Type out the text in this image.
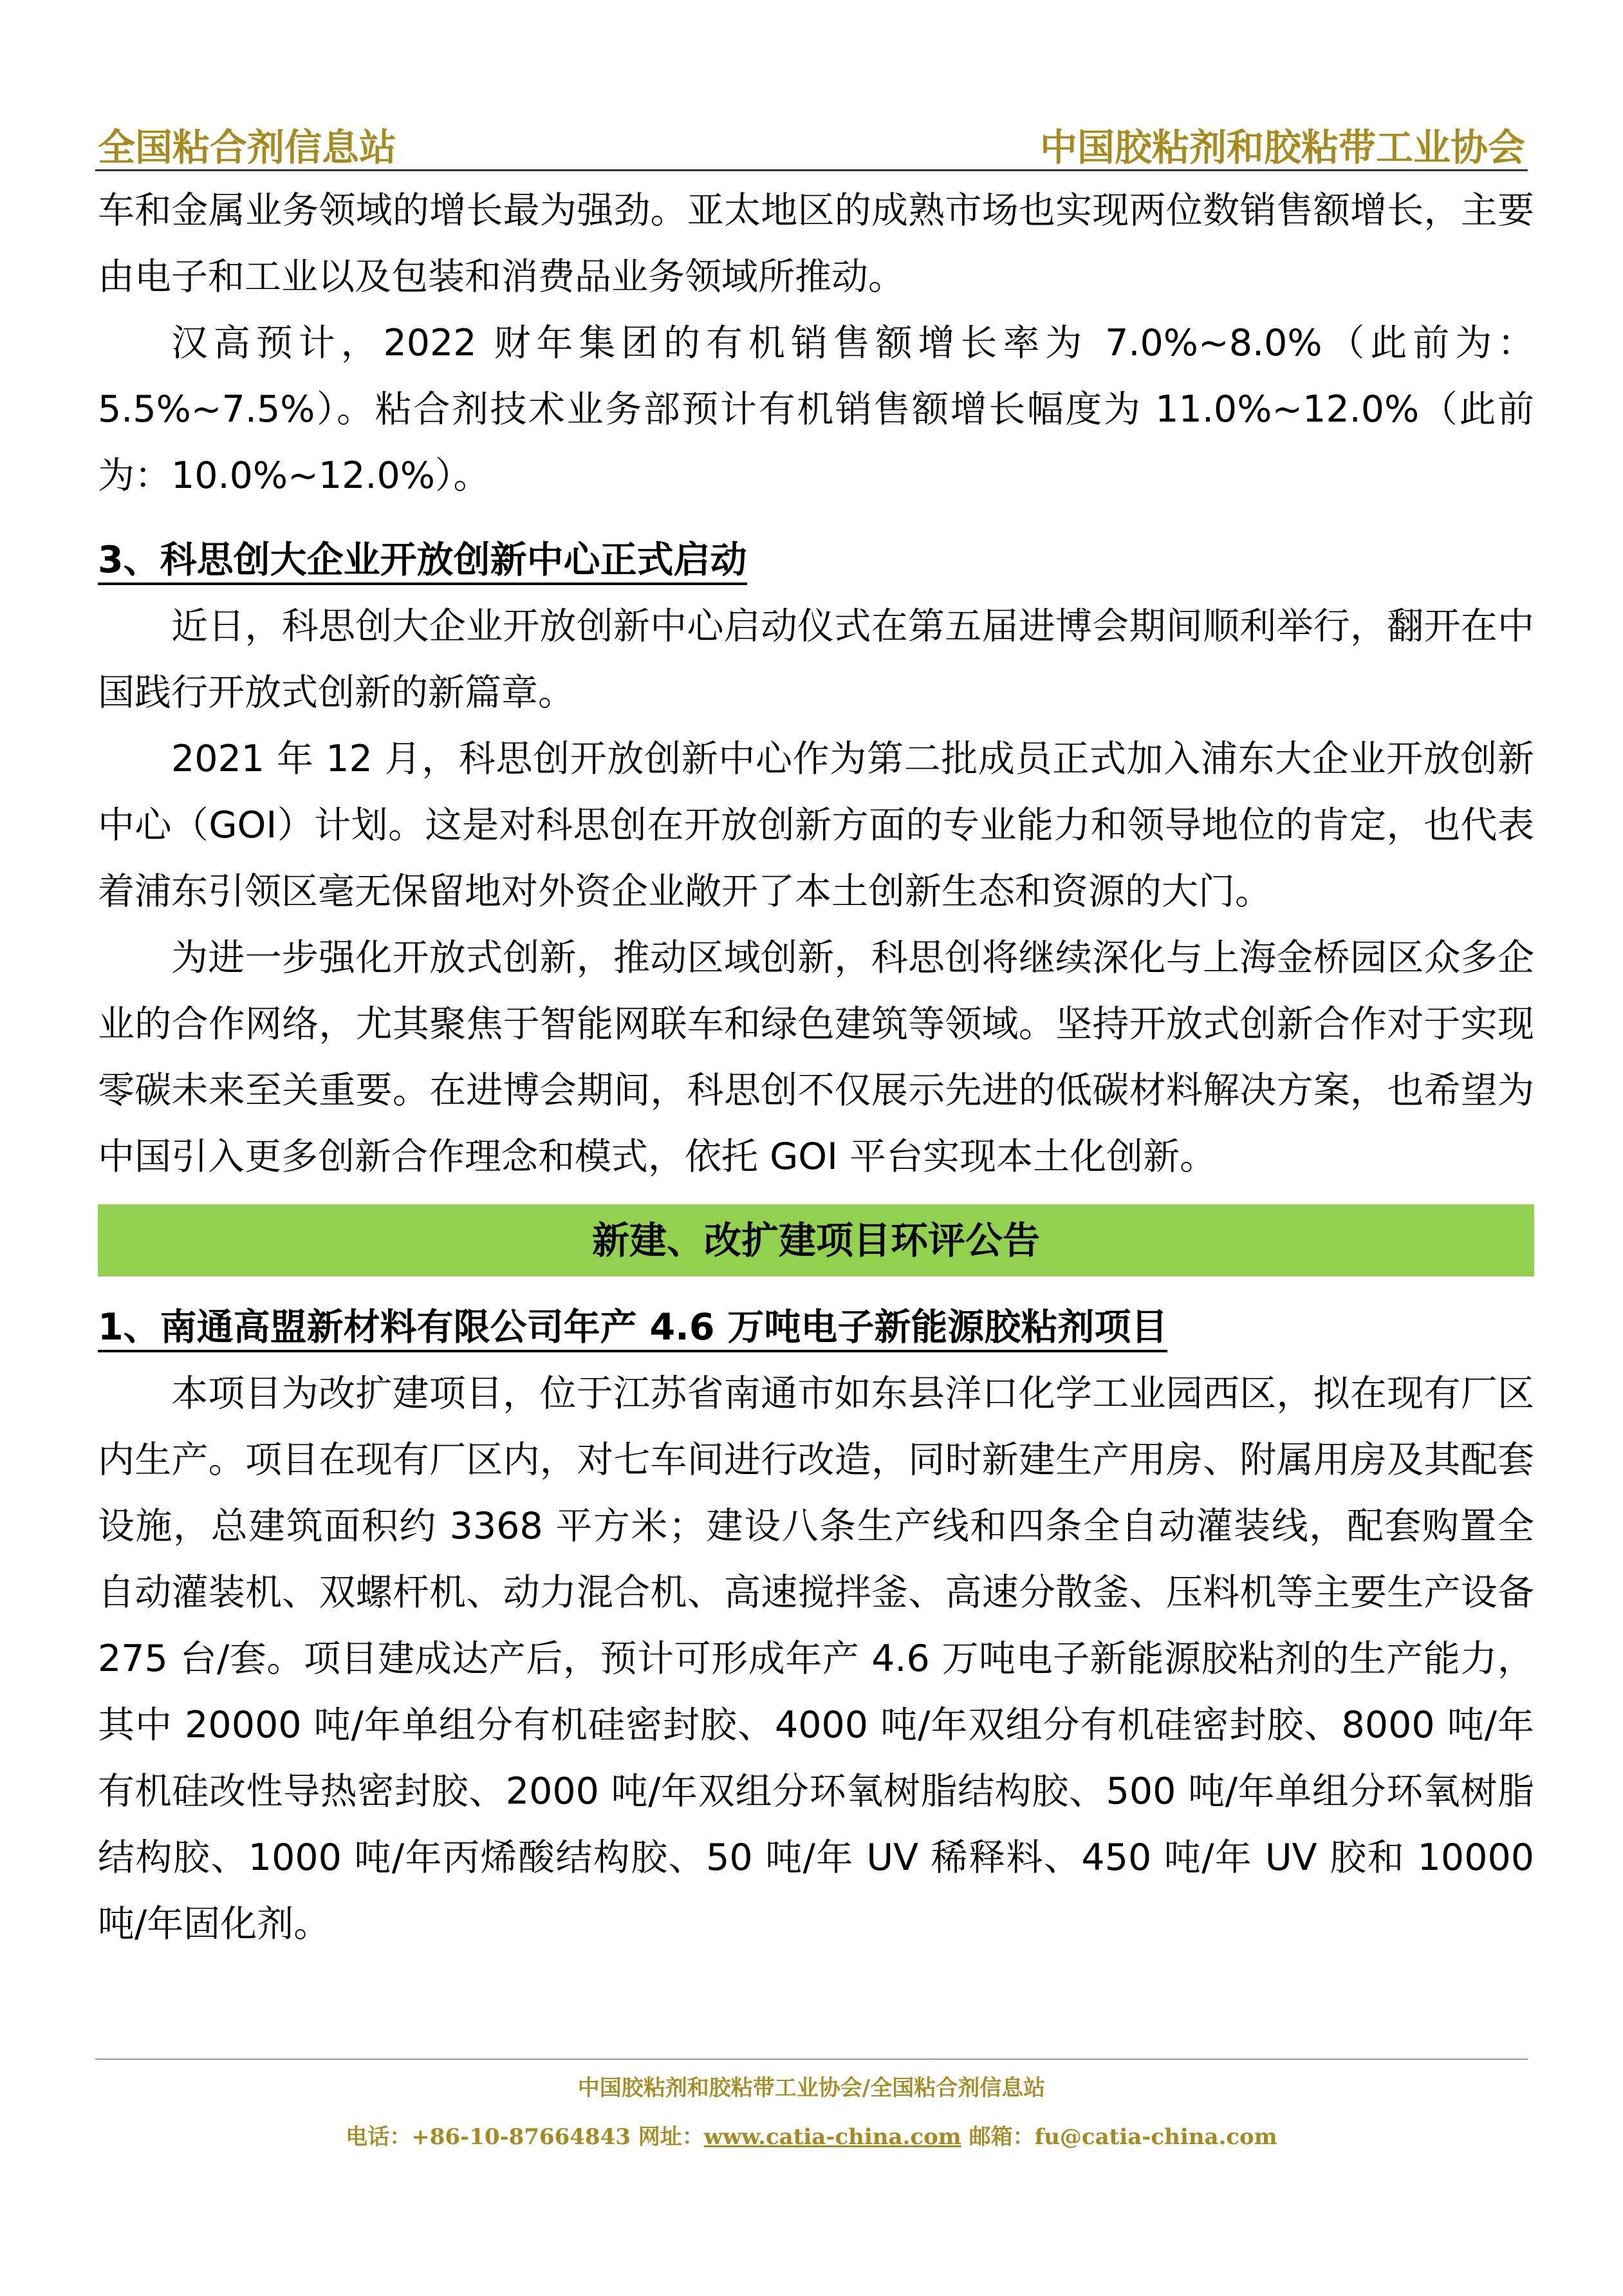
全国粘合剂信息站	中国胶粘剂和胶粘带工业协会

车和金属业务领域的增长最为强劲。亚太地区的成熟市场也实现两位数销售额增长，主要由电子和工业以及包装和消费品业务领域所推动。

汉高预计，2022 财年集团的有机销售额增长率为 7.0%~8.0%（此前为：5.5%~7.5%）。粘合剂技术业务部预计有机销售额增长幅度为 11.0%~12.0%（此前为：10.0%~12.0%）。

3、科思创大企业开放创新中心正式启动

近日，科思创大企业开放创新中心启动仪式在第五届进博会期间顺利举行，翻开在中国践行开放式创新的新篇章。

2021 年 12 月，科思创开放创新中心作为第二批成员正式加入浦东大企业开放创新中心（GOI）计划。这是对科思创在开放创新方面的专业能力和领导地位的肯定，也代表着浦东引领区毫无保留地对外资企业敞开了本土创新生态和资源的大门。

为进一步强化开放式创新，推动区域创新，科思创将继续深化与上海金桥园区众多企业的合作网络，尤其聚焦于智能网联车和绿色建筑等领域。坚持开放式创新合作对于实现零碳未来至关重要。在进博会期间，科思创不仅展示先进的低碳材料解决方案，也希望为中国引入更多创新合作理念和模式，依托 GOI 平台实现本土化创新。

新建、改扩建项目环评公告

1、南通高盟新材料有限公司年产 4.6 万吨电子新能源胶粘剂项目

本项目为改扩建项目，位于江苏省南通市如东县洋口化学工业园西区，拟在现有厂区内生产。项目在现有厂区内，对七车间进行改造，同时新建生产用房、附属用房及其配套设施，总建筑面积约 3368 平方米；建设八条生产线和四条全自动灌装线，配套购置全自动灌装机、双螺杆机、动力混合机、高速搅拌釜、高速分散釜、压料机等主要生产设备 275 台/套。项目建成达产后，预计可形成年产 4.6 万吨电子新能源胶粘剂的生产能力，其中 20000 吨/年单组分有机硅密封胶、4000 吨/年双组分有机硅密封胶、8000 吨/年有机硅改性导热密封胶、2000 吨/年双组分环氧树脂结构胶、500 吨/年单组分环氧树脂结构胶、1000 吨/年丙烯酸结构胶、50 吨/年 UV 稀释料、450 吨/年 UV 胶和 10000 吨/年固化剂。

中国胶粘剂和胶粘带工业协会/全国粘合剂信息站
电话：+86-10-87664843 网址：www.catia-china.com 邮箱：fu@catia-china.com
